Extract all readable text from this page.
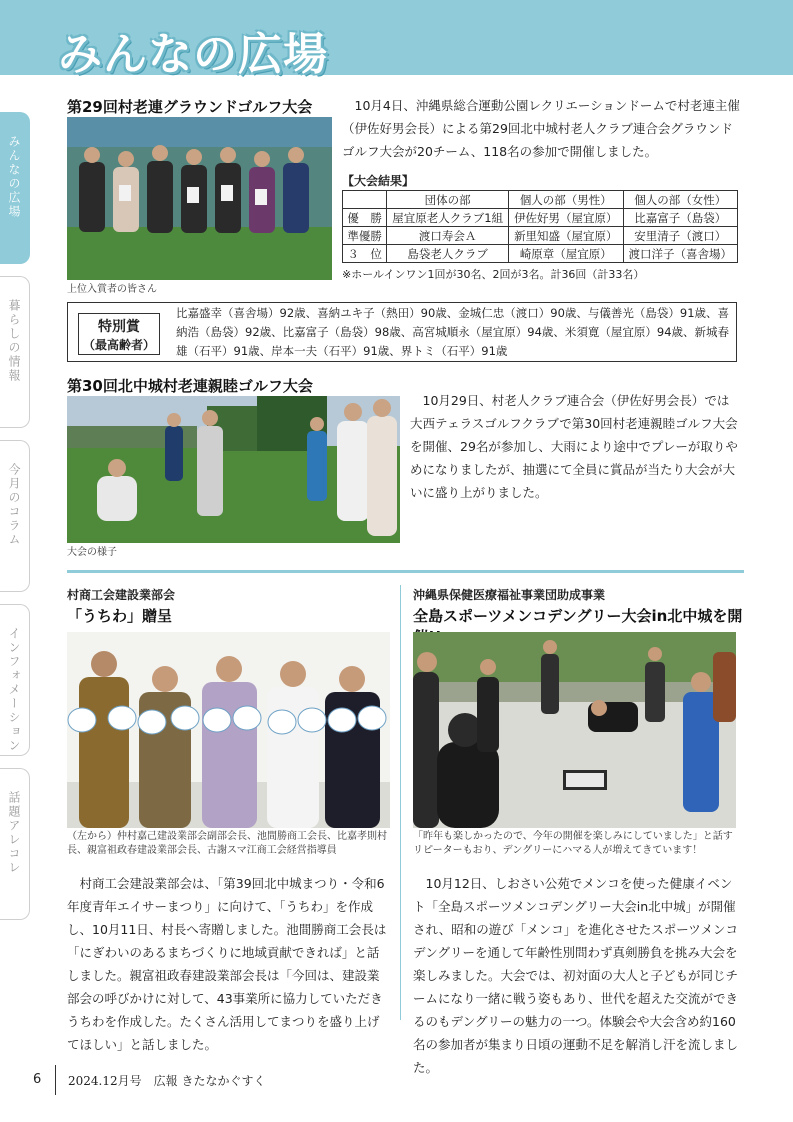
みんなの広場
みんなの広場
暮らしの情報
今月のコラム
インフォメーション
話題アレコレ
第29回村老連グラウンドゴルフ大会
上位入賞者の皆さん
　10月4日、沖縄県総合運動公園レクリエーションドームで村老連主催（伊佐好男会長）による第29回北中城村老人クラブ連合会グラウンドゴルフ大会が20チーム、118名の参加で開催しました。
【大会結果】
	団体の部	個人の部（男性）	個人の部（女性）
優　勝	屋宜原老人クラブ1組	伊佐好男（屋宜原）	比嘉富子（島袋）
準優勝	渡口寿会Ａ	新里知盛（屋宜原）	安里清子（渡口）
３　位	島袋老人クラブ	崎原章（屋宜原）	渡口洋子（喜舎場）
※ホールインワン1回が30名、2回が3名。計36回（計33名）
特別賞
（最高齢者）
比嘉盛幸（喜舎場）92歳、喜納ユキ子（熱田）90歳、金城仁忠（渡口）90歳、与儀善光（島袋）91歳、喜納浩（島袋）92歳、比嘉富子（島袋）98歳、高宮城順永（屋宜原）94歳、米須寛（屋宜原）94歳、新城春雄（石平）91歳、岸本一夫（石平）91歳、界トミ（石平）91歳
第30回北中城村老連親睦ゴルフ大会
大会の様子
　10月29日、村老人クラブ連合会（伊佐好男会長）では大西テェラスゴルフクラブで第30回村老連親睦ゴルフ大会を開催、29名が参加し、大雨により途中でプレーが取りやめになりましたが、抽選にて全員に賞品が当たり大会が大いに盛り上がりました。
村商工会建設業部会
「うちわ」贈呈
（左から）仲村嘉己建設業部会副部会長、池間勝商工会長、比嘉孝則村長、親富祖政春建設業部会長、古謝スマ江商工会経営指導員
　村商工会建設業部会は、「第39回北中城まつり・令和6年度青年エイサーまつり」に向けて、「うちわ」を作成し、10月11日、村長へ寄贈しました。池間勝商工会長は「にぎわいのあるまちづくりに地域貢献できれば」と話しました。親富祖政春建設業部会長は「今回は、建設業部会の呼びかけに対して、43事業所に協力していただきうちわを作成した。たくさん活用してまつりを盛り上げてほしい」と話しました。
沖縄県保健医療福祉事業団助成事業
全島スポーツメンコデングリー大会in北中城を開
「昨年も楽しかったので、今年の開催を楽しみにしていました」と話すリピーターもおり、デングリーにハマる人が増えてきています！
　10月12日、しおさい公苑でメンコを使った健康イベント「全島スポーツメンコデングリー大会in北中城」が開催され、昭和の遊び「メンコ」を進化させたスポーツメンコデングリーを通して年齢性別問わず真剣勝負を挑み大会を楽しみました。大会では、初対面の大人と子どもが同じチームになり一緒に戦う姿もあり、世代を超えた交流ができるのもデングリーの魅力の一つ。体験会や大会含め約160名の参加者が集まり日頃の運動不足を解消し汗を流しました。
6 2024.12月号　広報 きたなかぐすく
